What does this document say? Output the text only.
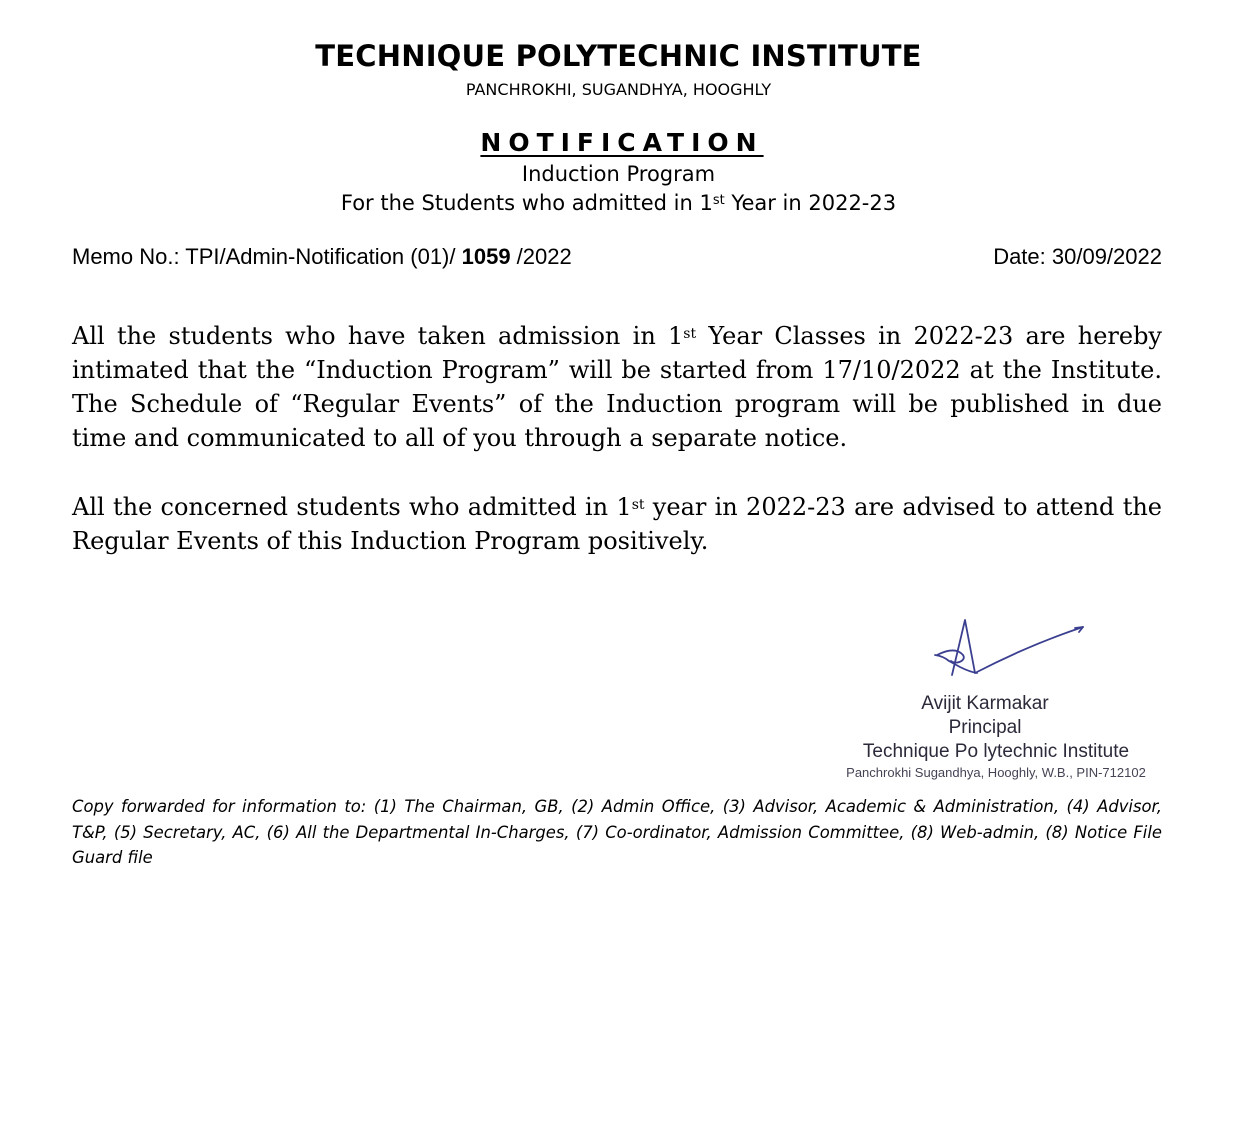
TECHNIQUE POLYTECHNIC INSTITUTE
PANCHROKHI, SUGANDHYA, HOOGHLY
NOTIFICATION
Induction Program
For the Students who admitted in 1st Year in 2022-23
Memo No.: TPI/Admin-Notification (01)/ 1059 /2022	Date: 30/09/2022

All the students who have taken admission in 1st Year Classes in 2022-23 are hereby intimated that the “Induction Program” will be started from 17/10/2022 at the Institute. The Schedule of “Regular Events” of the Induction program will be published in due time and communicated to all of you through a separate notice.

All the concerned students who admitted in 1st year in 2022-23 are advised to attend the Regular Events of this Induction Program positively.

Avijit Karmakar
Principal
Technique Po lytechnic Institute
Panchrokhi Sugandhya, Hooghly, W.B., PIN-712102

Copy forwarded for information to: (1) The Chairman, GB, (2) Admin Office, (3) Advisor, Academic & Administration, (4) Advisor, T&P, (5) Secretary, AC, (6) All the Departmental In-Charges, (7) Co-ordinator, Admission Committee, (8) Web-admin, (8) Notice File Guard file
